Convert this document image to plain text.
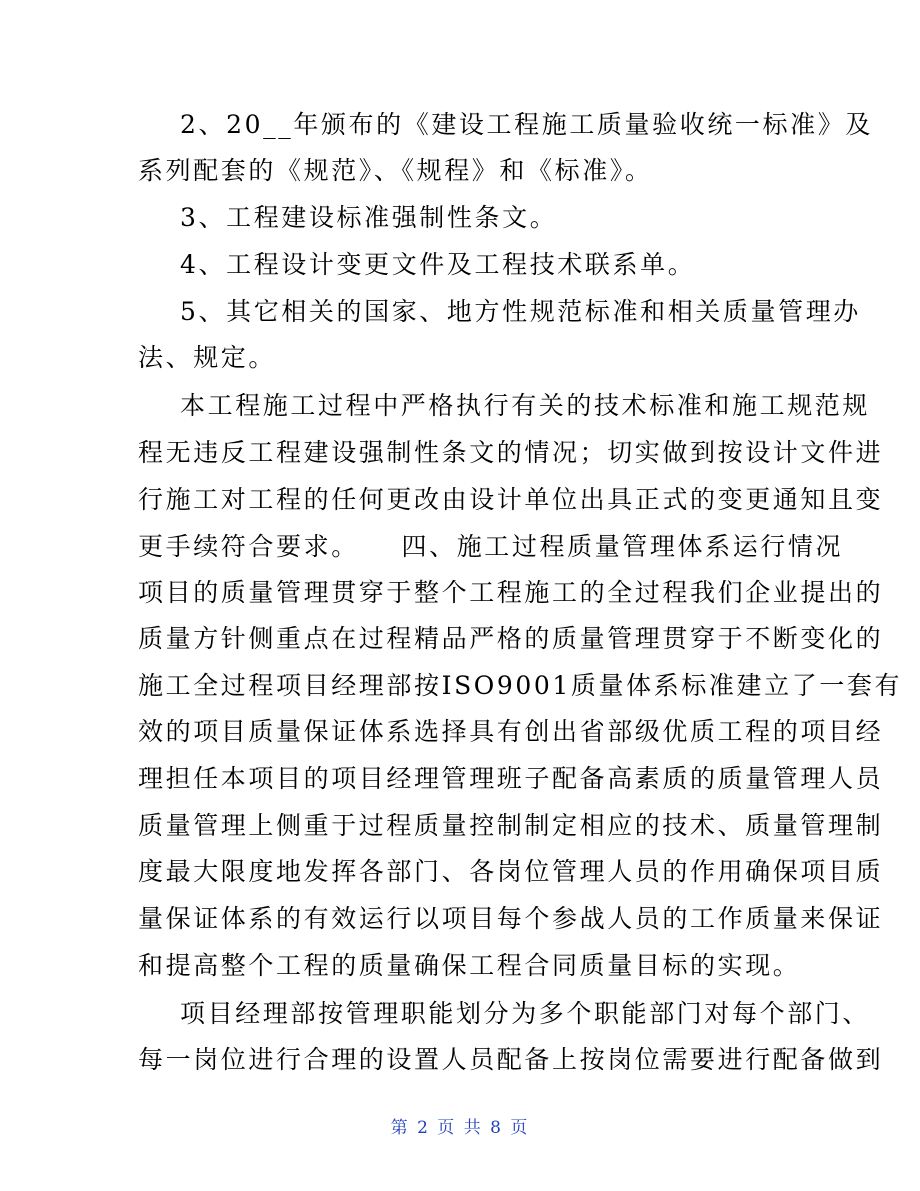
2、20__年颁布的《建设工程施工质量验收统一标准》及
系列配套的《规范》、《规程》和《标准》。
3、工程建设标准强制性条文。
4、工程设计变更文件及工程技术联系单。
5、其它相关的国家、地方性规范标准和相关质量管理办
法、规定。
本工程施工过程中严格执行有关的技术标准和施工规范规
程无违反工程建设强制性条文的情况；切实做到按设计文件进
行施工对工程的任何更改由设计单位出具正式的变更通知且变
更手续符合要求。　　四、施工过程质量管理体系运行情况
项目的质量管理贯穿于整个工程施工的全过程我们企业提出的
质量方针侧重点在过程精品严格的质量管理贯穿于不断变化的
施工全过程项目经理部按ISO9001质量体系标准建立了一套有
效的项目质量保证体系选择具有创出省部级优质工程的项目经
理担任本项目的项目经理管理班子配备高素质的质量管理人员
质量管理上侧重于过程质量控制制定相应的技术、质量管理制
度最大限度地发挥各部门、各岗位管理人员的作用确保项目质
量保证体系的有效运行以项目每个参战人员的工作质量来保证
和提高整个工程的质量确保工程合同质量目标的实现。
项目经理部按管理职能划分为多个职能部门对每个部门、
每一岗位进行合理的设置人员配备上按岗位需要进行配备做到
第 2 页 共 8 页
